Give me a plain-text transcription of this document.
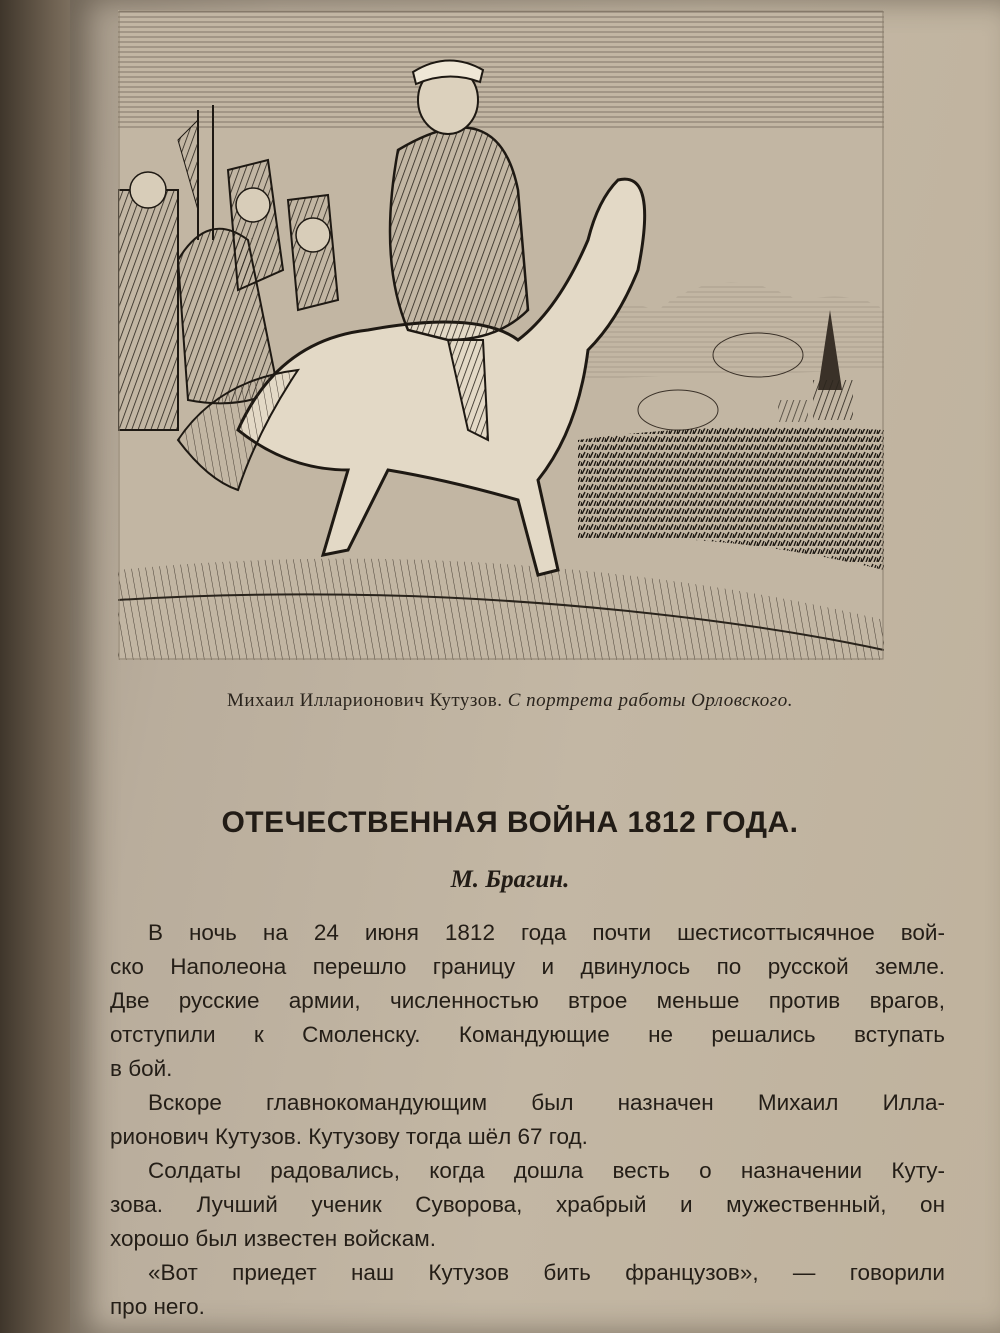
Михаил Илларионович Кутузов. С портрета работы Орловского.
ОТЕЧЕСТВЕННАЯ ВОЙНА 1812 ГОДА.
М. Брагин.
В ночь на 24 июня 1812 года почти шестисоттысячное вой-
ско Наполеона перешло границу и двинулось по русской земле.
Две русские армии, численностью втрое меньше против врагов,
отступили к Смоленску. Командующие не решались вступать
в бой.
Вскоре главнокомандующим был назначен Михаил Илла-
рионович Кутузов. Кутузову тогда шёл 67 год.
Солдаты радовались, когда дошла весть о назначении Куту-
зова. Лучший ученик Суворова, храбрый и мужественный, он
хорошо был известен войскам.
«Вот приедет наш Кутузов бить французов», — говорили
про него.
